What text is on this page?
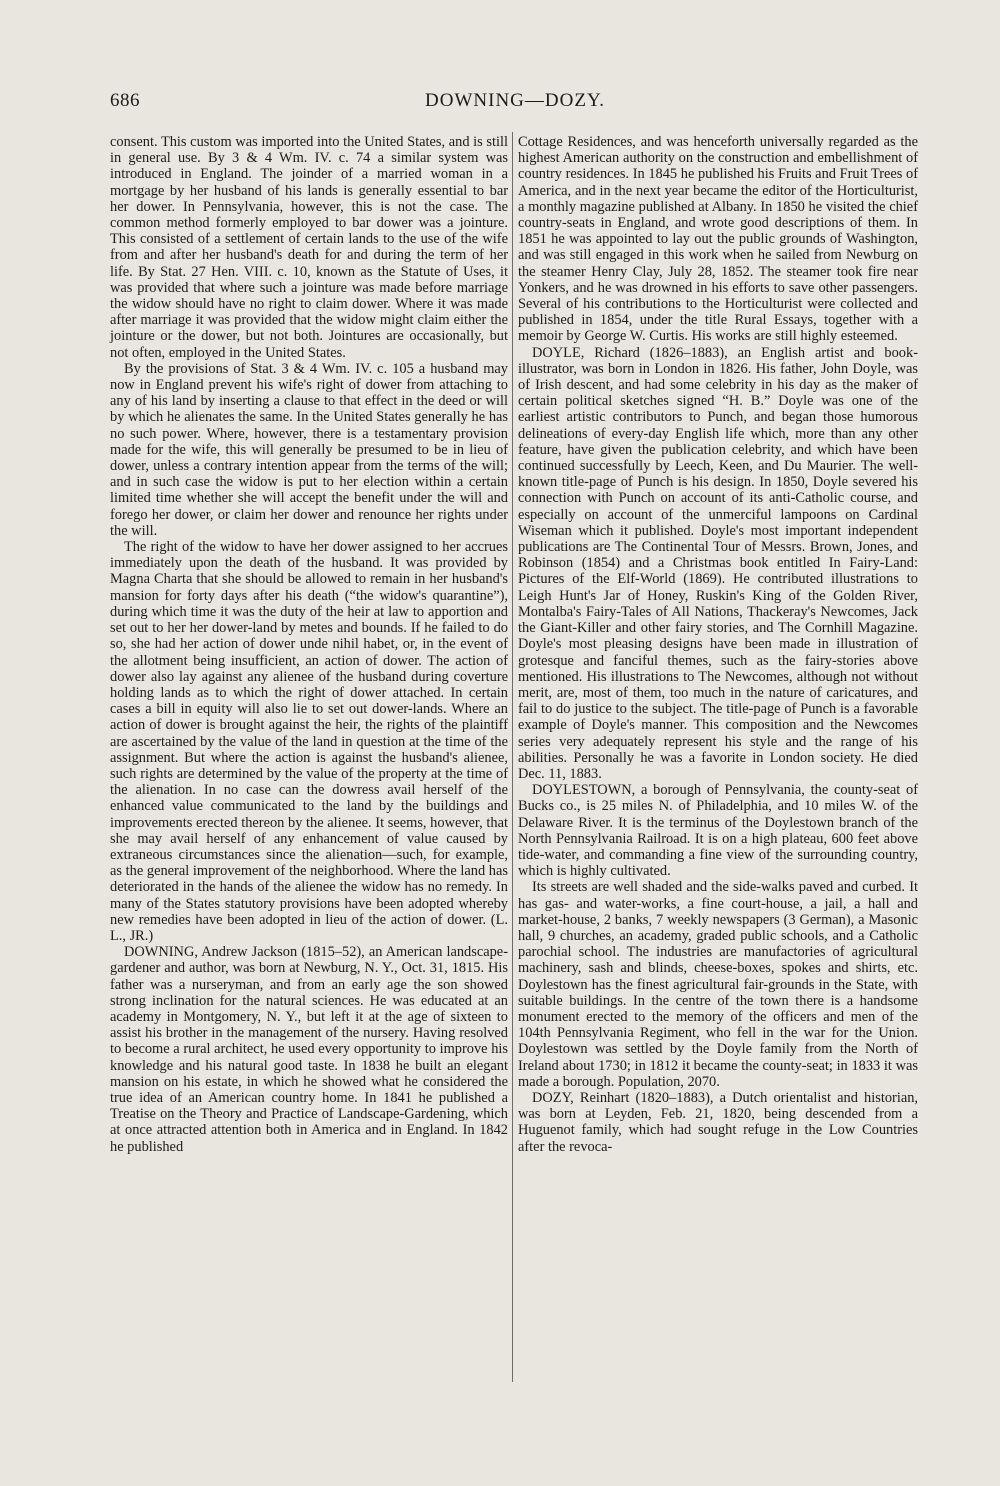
686	DOWNING—DOZY.

consent. This custom was imported into the United States, and is still in general use. By 3 & 4 Wm. IV. c. 74 a similar system was introduced in England. The joinder of a married woman in a mortgage by her husband of his lands is generally essential to bar her dower. In Pennsylvania, however, this is not the case. The common method formerly employed to bar dower was a jointure. This consisted of a settlement of certain lands to the use of the wife from and after her husband's death for and during the term of her life. By Stat. 27 Hen. VIII. c. 10, known as the Statute of Uses, it was provided that where such a jointure was made before marriage the widow should have no right to claim dower. Where it was made after marriage it was provided that the widow might claim either the jointure or the dower, but not both. Jointures are occasionally, but not often, employed in the United States.

By the provisions of Stat. 3 & 4 Wm. IV. c. 105 a husband may now in England prevent his wife's right of dower from attaching to any of his land by inserting a clause to that effect in the deed or will by which he alienates the same. In the United States generally he has no such power. Where, however, there is a testamentary provision made for the wife, this will generally be presumed to be in lieu of dower, unless a contrary intention appear from the terms of the will; and in such case the widow is put to her election within a certain limited time whether she will accept the benefit under the will and forego her dower, or claim her dower and renounce her rights under the will.

The right of the widow to have her dower assigned to her accrues immediately upon the death of the husband. It was provided by Magna Charta that she should be allowed to remain in her husband's mansion for forty days after his death (“the widow's quarantine”), during which time it was the duty of the heir at law to apportion and set out to her her dower-land by metes and bounds. If he failed to do so, she had her action of dower unde nihil habet, or, in the event of the allotment being insufficient, an action of dower. The action of dower also lay against any alienee of the husband during coverture holding lands as to which the right of dower attached. In certain cases a bill in equity will also lie to set out dower-lands. Where an action of dower is brought against the heir, the rights of the plaintiff are ascertained by the value of the land in question at the time of the assignment. But where the action is against the husband's alienee, such rights are determined by the value of the property at the time of the alienation. In no case can the dowress avail herself of the enhanced value communicated to the land by the buildings and improvements erected thereon by the alienee. It seems, however, that she may avail herself of any enhancement of value caused by extraneous circumstances since the alienation—such, for example, as the general improvement of the neighborhood. Where the land has deteriorated in the hands of the alienee the widow has no remedy. In many of the States statutory provisions have been adopted whereby new remedies have been adopted in lieu of the action of dower. (L. L., JR.)

DOWNING, Andrew Jackson (1815–52), an American landscape-gardener and author, was born at Newburg, N. Y., Oct. 31, 1815. His father was a nurseryman, and from an early age the son showed strong inclination for the natural sciences. He was educated at an academy in Montgomery, N. Y., but left it at the age of sixteen to assist his brother in the management of the nursery. Having resolved to become a rural architect, he used every opportunity to improve his knowledge and his natural good taste. In 1838 he built an elegant mansion on his estate, in which he showed what he considered the true idea of an American country home. In 1841 he published a Treatise on the Theory and Practice of Landscape-Gardening, which at once attracted attention both in America and in England. In 1842 he published

Cottage Residences, and was henceforth universally regarded as the highest American authority on the construction and embellishment of country residences. In 1845 he published his Fruits and Fruit Trees of America, and in the next year became the editor of the Horticulturist, a monthly magazine published at Albany. In 1850 he visited the chief country-seats in England, and wrote good descriptions of them. In 1851 he was appointed to lay out the public grounds of Washington, and was still engaged in this work when he sailed from Newburg on the steamer Henry Clay, July 28, 1852. The steamer took fire near Yonkers, and he was drowned in his efforts to save other passengers. Several of his contributions to the Horticulturist were collected and published in 1854, under the title Rural Essays, together with a memoir by George W. Curtis. His works are still highly esteemed.

DOYLE, Richard (1826–1883), an English artist and book-illustrator, was born in London in 1826. His father, John Doyle, was of Irish descent, and had some celebrity in his day as the maker of certain political sketches signed “H. B.” Doyle was one of the earliest artistic contributors to Punch, and began those humorous delineations of every-day English life which, more than any other feature, have given the publication celebrity, and which have been continued successfully by Leech, Keen, and Du Maurier. The well-known title-page of Punch is his design. In 1850, Doyle severed his connection with Punch on account of its anti-Catholic course, and especially on account of the unmerciful lampoons on Cardinal Wiseman which it published. Doyle's most important independent publications are The Continental Tour of Messrs. Brown, Jones, and Robinson (1854) and a Christmas book entitled In Fairy-Land: Pictures of the Elf-World (1869). He contributed illustrations to Leigh Hunt's Jar of Honey, Ruskin's King of the Golden River, Montalba's Fairy-Tales of All Nations, Thackeray's Newcomes, Jack the Giant-Killer and other fairy stories, and The Cornhill Magazine. Doyle's most pleasing designs have been made in illustration of grotesque and fanciful themes, such as the fairy-stories above mentioned. His illustrations to The Newcomes, although not without merit, are, most of them, too much in the nature of caricatures, and fail to do justice to the subject. The title-page of Punch is a favorable example of Doyle's manner. This composition and the Newcomes series very adequately represent his style and the range of his abilities. Personally he was a favorite in London society. He died Dec. 11, 1883.

DOYLESTOWN, a borough of Pennsylvania, the county-seat of Bucks co., is 25 miles N. of Philadelphia, and 10 miles W. of the Delaware River. It is the terminus of the Doylestown branch of the North Pennsylvania Railroad. It is on a high plateau, 600 feet above tide-water, and commanding a fine view of the surrounding country, which is highly cultivated.

Its streets are well shaded and the side-walks paved and curbed. It has gas- and water-works, a fine court-house, a jail, a hall and market-house, 2 banks, 7 weekly newspapers (3 German), a Masonic hall, 9 churches, an academy, graded public schools, and a Catholic parochial school. The industries are manufactories of agricultural machinery, sash and blinds, cheese-boxes, spokes and shirts, etc. Doylestown has the finest agricultural fair-grounds in the State, with suitable buildings. In the centre of the town there is a handsome monument erected to the memory of the officers and men of the 104th Pennsylvania Regiment, who fell in the war for the Union. Doylestown was settled by the Doyle family from the North of Ireland about 1730; in 1812 it became the county-seat; in 1833 it was made a borough. Population, 2070.

DOZY, Reinhart (1820–1883), a Dutch orientalist and historian, was born at Leyden, Feb. 21, 1820, being descended from a Huguenot family, which had sought refuge in the Low Countries after the revoca-
